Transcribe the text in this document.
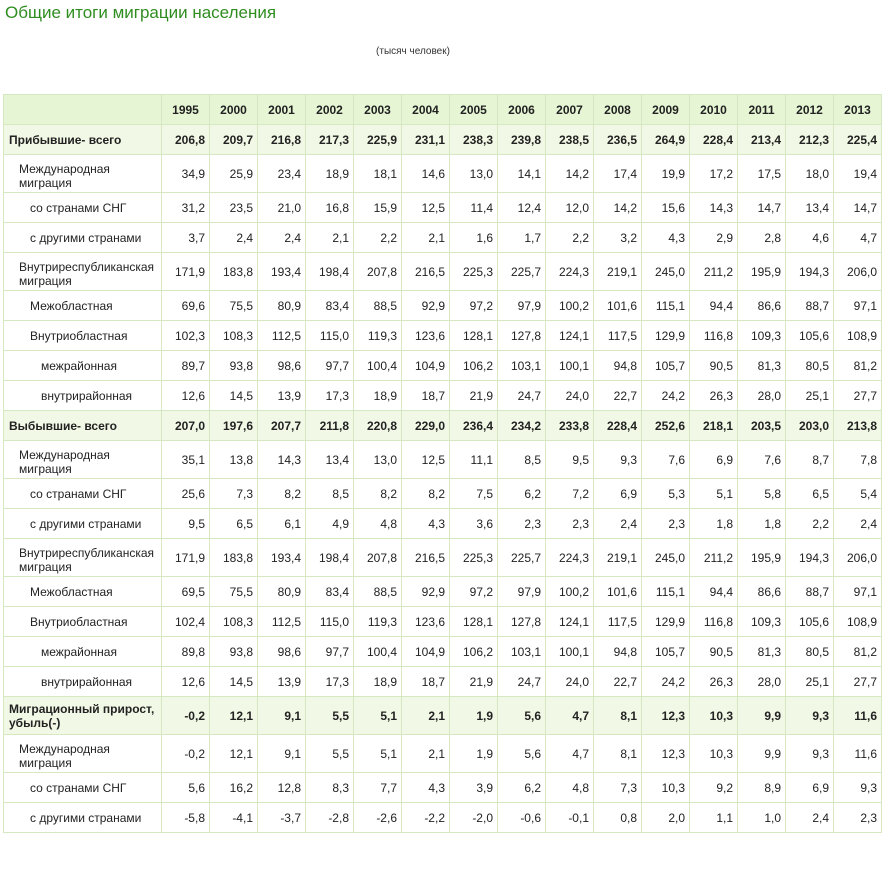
Общие итоги миграции населения
(тысяч человек)
	1995	2000	2001	2002	2003	2004	2005	2006	2007	2008	2009	2010	2011	2012	2013
Прибывшие- всего	206,8	209,7	216,8	217,3	225,9	231,1	238,3	239,8	238,5	236,5	264,9	228,4	213,4	212,3	225,4
Международная миграция	34,9	25,9	23,4	18,9	18,1	14,6	13,0	14,1	14,2	17,4	19,9	17,2	17,5	18,0	19,4
со странами СНГ	31,2	23,5	21,0	16,8	15,9	12,5	11,4	12,4	12,0	14,2	15,6	14,3	14,7	13,4	14,7
с другими странами	3,7	2,4	2,4	2,1	2,2	2,1	1,6	1,7	2,2	3,2	4,3	2,9	2,8	4,6	4,7
Внутриреспубликанская миграция	171,9	183,8	193,4	198,4	207,8	216,5	225,3	225,7	224,3	219,1	245,0	211,2	195,9	194,3	206,0
Межобластная	69,6	75,5	80,9	83,4	88,5	92,9	97,2	97,9	100,2	101,6	115,1	94,4	86,6	88,7	97,1
Внутриобластная	102,3	108,3	112,5	115,0	119,3	123,6	128,1	127,8	124,1	117,5	129,9	116,8	109,3	105,6	108,9
межрайонная	89,7	93,8	98,6	97,7	100,4	104,9	106,2	103,1	100,1	94,8	105,7	90,5	81,3	80,5	81,2
внутрирайонная	12,6	14,5	13,9	17,3	18,9	18,7	21,9	24,7	24,0	22,7	24,2	26,3	28,0	25,1	27,7
Выбывшие- всего	207,0	197,6	207,7	211,8	220,8	229,0	236,4	234,2	233,8	228,4	252,6	218,1	203,5	203,0	213,8
Международная миграция	35,1	13,8	14,3	13,4	13,0	12,5	11,1	8,5	9,5	9,3	7,6	6,9	7,6	8,7	7,8
со странами СНГ	25,6	7,3	8,2	8,5	8,2	8,2	7,5	6,2	7,2	6,9	5,3	5,1	5,8	6,5	5,4
с другими странами	9,5	6,5	6,1	4,9	4,8	4,3	3,6	2,3	2,3	2,4	2,3	1,8	1,8	2,2	2,4
Внутриреспубликанская миграция	171,9	183,8	193,4	198,4	207,8	216,5	225,3	225,7	224,3	219,1	245,0	211,2	195,9	194,3	206,0
Межобластная	69,5	75,5	80,9	83,4	88,5	92,9	97,2	97,9	100,2	101,6	115,1	94,4	86,6	88,7	97,1
Внутриобластная	102,4	108,3	112,5	115,0	119,3	123,6	128,1	127,8	124,1	117,5	129,9	116,8	109,3	105,6	108,9
межрайонная	89,8	93,8	98,6	97,7	100,4	104,9	106,2	103,1	100,1	94,8	105,7	90,5	81,3	80,5	81,2
внутрирайонная	12,6	14,5	13,9	17,3	18,9	18,7	21,9	24,7	24,0	22,7	24,2	26,3	28,0	25,1	27,7
Миграционный прирост, убыль(-)	-0,2	12,1	9,1	5,5	5,1	2,1	1,9	5,6	4,7	8,1	12,3	10,3	9,9	9,3	11,6
Международная миграция	-0,2	12,1	9,1	5,5	5,1	2,1	1,9	5,6	4,7	8,1	12,3	10,3	9,9	9,3	11,6
со странами СНГ	5,6	16,2	12,8	8,3	7,7	4,3	3,9	6,2	4,8	7,3	10,3	9,2	8,9	6,9	9,3
с другими странами	-5,8	-4,1	-3,7	-2,8	-2,6	-2,2	-2,0	-0,6	-0,1	0,8	2,0	1,1	1,0	2,4	2,3
